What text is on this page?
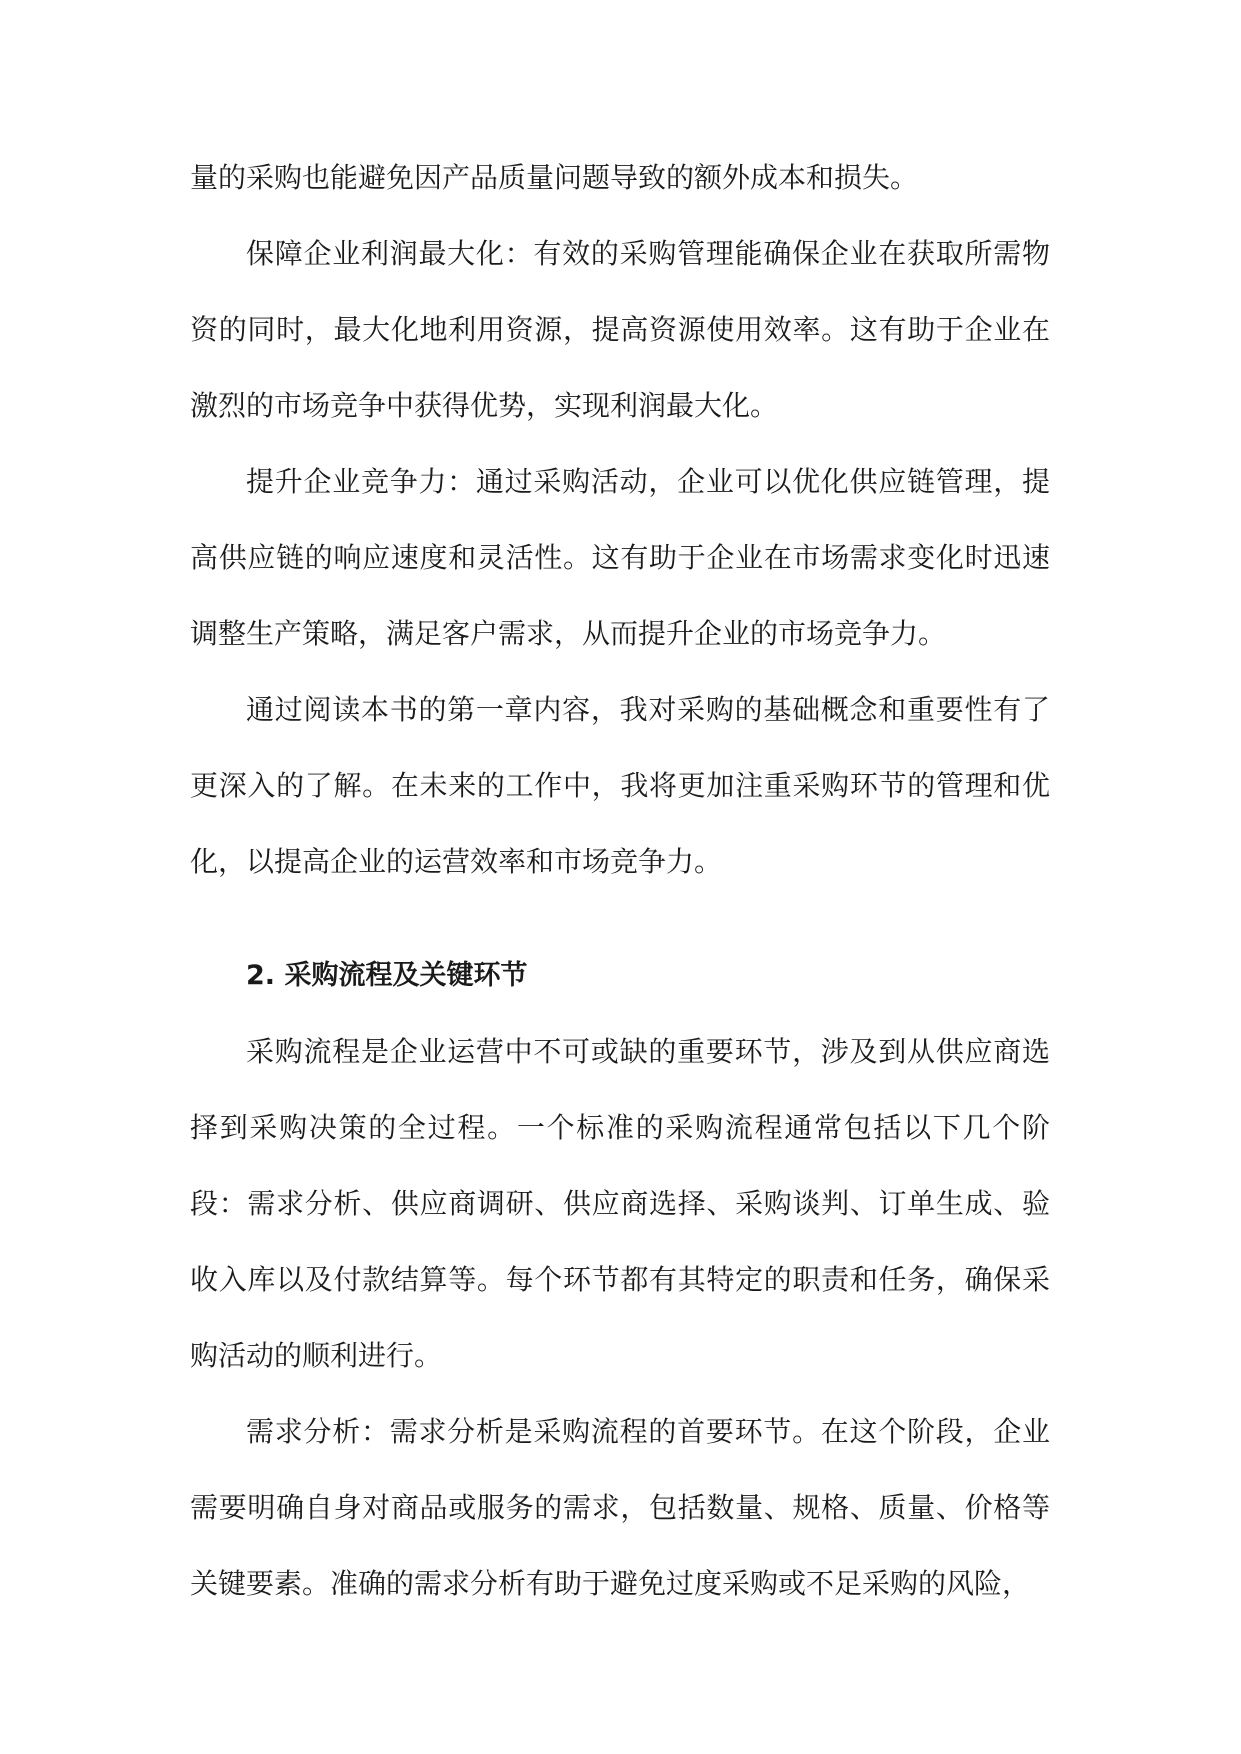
量的采购也能避免因产品质量问题导致的额外成本和损失。

保障企业利润最大化：有效的采购管理能确保企业在获取所需物资的同时，最大化地利用资源，提高资源使用效率。这有助于企业在激烈的市场竞争中获得优势，实现利润最大化。

提升企业竞争力：通过采购活动，企业可以优化供应链管理，提高供应链的响应速度和灵活性。这有助于企业在市场需求变化时迅速调整生产策略，满足客户需求，从而提升企业的市场竞争力。

通过阅读本书的第一章内容，我对采购的基础概念和重要性有了更深入的了解。在未来的工作中，我将更加注重采购环节的管理和优化，以提高企业的运营效率和市场竞争力。

2. 采购流程及关键环节

采购流程是企业运营中不可或缺的重要环节，涉及到从供应商选择到采购决策的全过程。一个标准的采购流程通常包括以下几个阶段：需求分析、供应商调研、供应商选择、采购谈判、订单生成、验收入库以及付款结算等。每个环节都有其特定的职责和任务，确保采购活动的顺利进行。

需求分析：需求分析是采购流程的首要环节。在这个阶段，企业需要明确自身对商品或服务的需求，包括数量、规格、质量、价格等关键要素。准确的需求分析有助于避免过度采购或不足采购的风险，
